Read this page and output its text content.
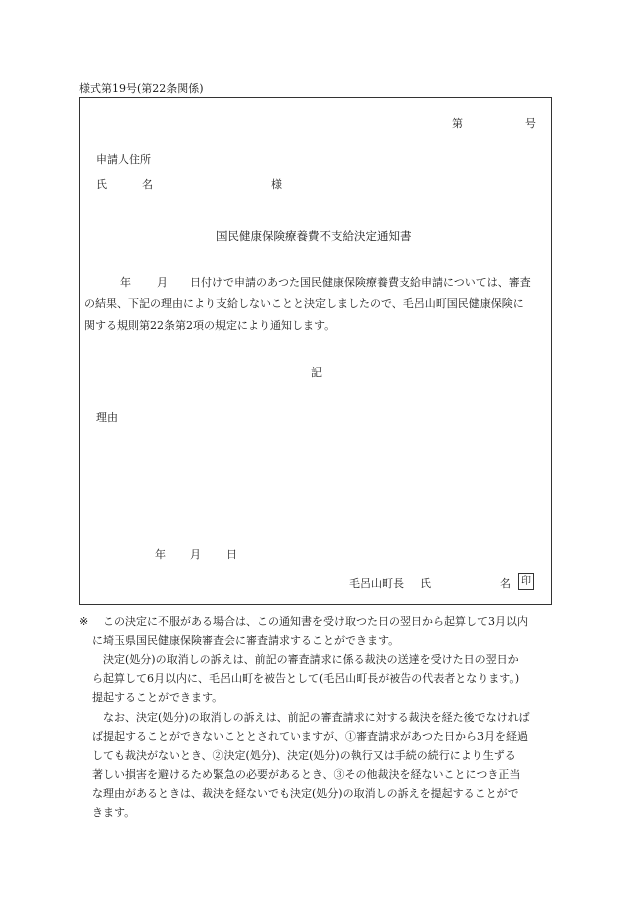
様式第19号(第22条関係)
第	号
申請人住所
氏	名	様
国民健康保険療養費不支給決定通知書
年 月 日付けで申請のあつた国民健康保険療養費支給申請については、審査
の結果、下記の理由により支給しないことと決定しましたので、毛呂山町国民健康保険に
関する規則第22条第2項の規定により通知します。
記
理由
年 月 日
毛呂山町長 氏	名	印
※ この決定に不服がある場合は、この通知書を受け取つた日の翌日から起算して3月以内
に埼玉県国民健康保険審査会に審査請求することができます。
決定(処分)の取消しの訴えは、前記の審査請求に係る裁決の送達を受けた日の翌日か
ら起算して6月以内に、毛呂山町を被告として(毛呂山町長が被告の代表者となります。)
提起することができます。
なお、決定(処分)の取消しの訴えは、前記の審査請求に対する裁決を経た後でなければ
ば提起することができないこととされていますが、①審査請求があつた日から3月を経過
しても裁決がないとき、②決定(処分)、決定(処分)の執行又は手続の続行により生ずる
著しい損害を避けるため緊急の必要があるとき、③その他裁決を経ないことにつき正当
な理由があるときは、裁決を経ないでも決定(処分)の取消しの訴えを提起することがで
きます。
